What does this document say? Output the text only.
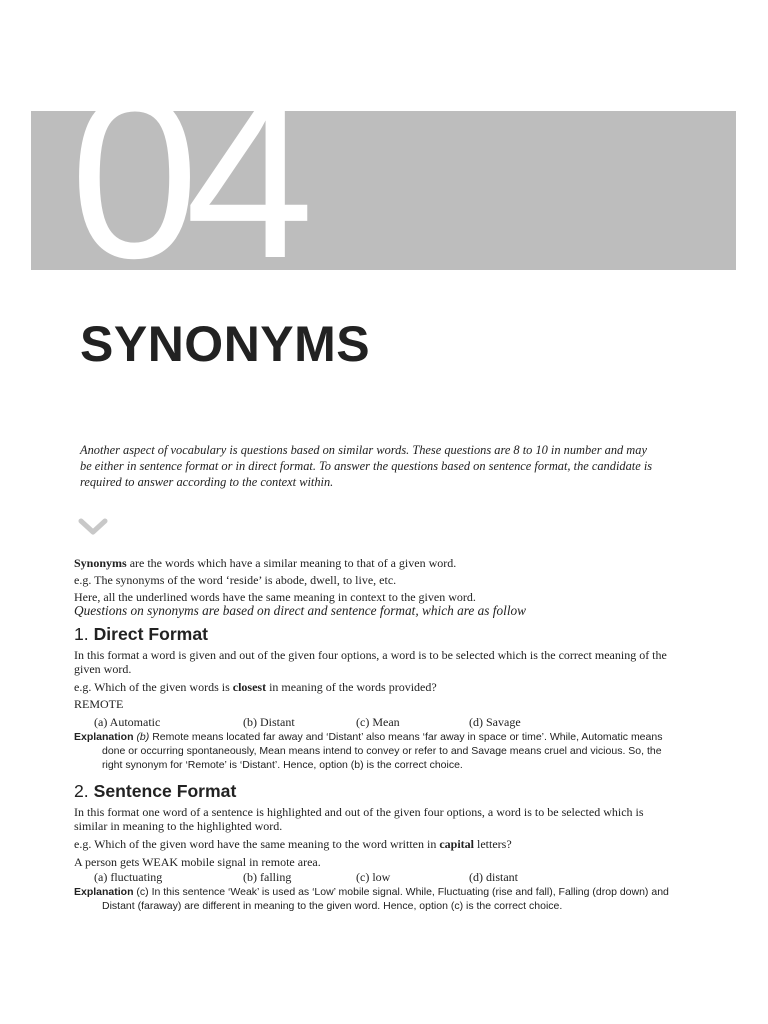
04
SYNONYMS

Another aspect of vocabulary is questions based on similar words. These questions are 8 to 10 in number and may be either in sentence format or in direct format. To answer the questions based on sentence format, the candidate is required to answer according to the context within.

Synonyms are the words which have a similar meaning to that of a given word.

e.g. The synonyms of the word ‘reside’ is abode, dwell, to live, etc.

Here, all the underlined words have the same meaning in context to the given word.

Questions on synonyms are based on direct and sentence format, which are as follow

1. Direct Format

In this format a word is given and out of the given four options, a word is to be selected which is the correct meaning of the given word.

e.g. Which of the given words is closest in meaning of the words provided?

REMOTE

(a) Automatic	(b) Distant	(c) Mean	(d) Savage

Explanation (b) Remote means located far away and ‘Distant’ also means ‘far away in space or time’. While, Automatic means done or occurring spontaneously, Mean means intend to convey or refer to and Savage means cruel and vicious. So, the right synonym for ‘Remote’ is ‘Distant’. Hence, option (b) is the correct choice.

2. Sentence Format

In this format one word of a sentence is highlighted and out of the given four options, a word is to be selected which is similar in meaning to the highlighted word.

e.g. Which of the given word have the same meaning to the word written in capital letters?

A person gets WEAK mobile signal in remote area.

(a) fluctuating	(b) falling	(c) low	(d) distant

Explanation (c) In this sentence ‘Weak’ is used as ‘Low’ mobile signal. While, Fluctuating (rise and fall), Falling (drop down) and Distant (faraway) are different in meaning to the given word. Hence, option (c) is the correct choice.
